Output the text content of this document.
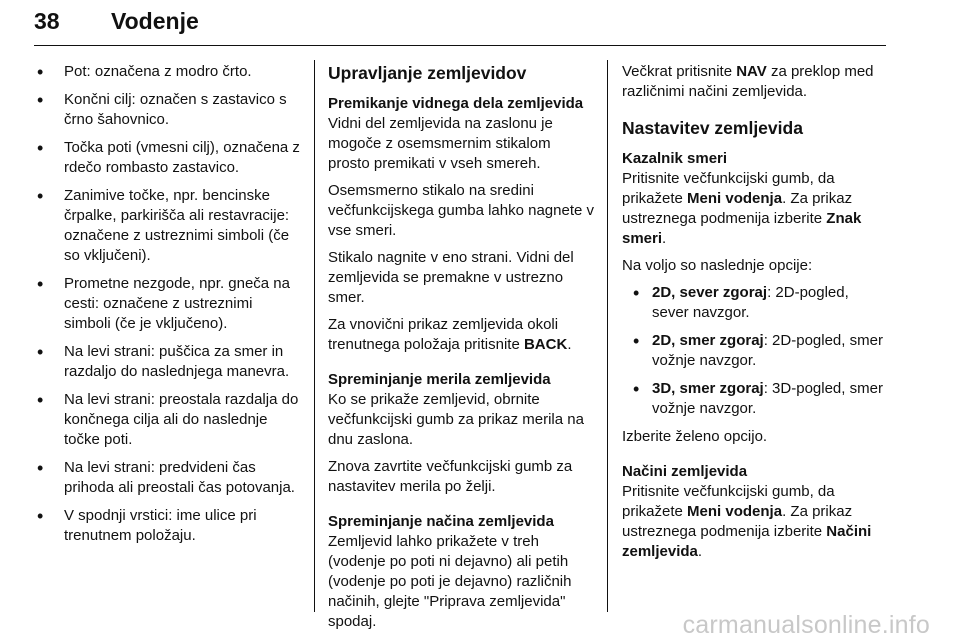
38 Vodenje
• Pot: označena z modro črto.
• Končni cilj: označen s zastavico s črno šahovnico.
• Točka poti (vmesni cilj), označena z rdečo rombasto zastavico.
• Zanimive točke, npr. bencinske črpalke, parkirišča ali restavracije: označene z ustreznimi simboli (če so vključeni).
• Prometne nezgode, npr. gneča na cesti: označene z ustreznimi simboli (če je vključeno).
• Na levi strani: puščica za smer in razdaljo do naslednjega manevra.
• Na levi strani: preostala razdalja do končnega cilja ali do naslednje točke poti.
• Na levi strani: predvideni čas prihoda ali preostali čas potovanja.
• V spodnji vrstici: ime ulice pri trenutnem položaju.
Upravljanje zemljevidov
Premikanje vidnega dela zemljevida

Vidni del zemljevida na zaslonu je mogoče z osemsmernim stikalom prosto premikati v vseh smereh.

Osemsmerno stikalo na sredini večfunkcijskega gumba lahko nagnete v vse smeri.

Stikalo nagnite v eno strani. Vidni del zemljevida se premakne v ustrezno smer.

Za vnovični prikaz zemljevida okoli trenutnega položaja pritisnite BACK.

Spreminjanje merila zemljevida

Ko se prikaže zemljevid, obrnite večfunkcijski gumb za prikaz merila na dnu zaslona.

Znova zavrtite večfunkcijski gumb za nastavitev merila po želji.

Spreminjanje načina zemljevida

Zemljevid lahko prikažete v treh (vodenje po poti ni dejavno) ali petih (vodenje po poti je dejavno) različnih načinih, glejte "Priprava zemljevida" spodaj.

Večkrat pritisnite NAV za preklop med različnimi načini zemljevida.

Nastavitev zemljevida
Kazalnik smeri

Pritisnite večfunkcijski gumb, da prikažete Meni vodenja. Za prikaz ustreznega podmenija izberite Znak smeri.

Na voljo so naslednje opcije:

• 2D, sever zgoraj: 2D-pogled, sever navzgor.
• 2D, smer zgoraj: 2D-pogled, smer vožnje navzgor.
• 3D, smer zgoraj: 3D-pogled, smer vožnje navzgor.

Izberite želeno opcijo.

Načini zemljevida

Pritisnite večfunkcijski gumb, da prikažete Meni vodenja. Za prikaz ustreznega podmenija izberite Načini zemljevida.

carmanualsonline.info
